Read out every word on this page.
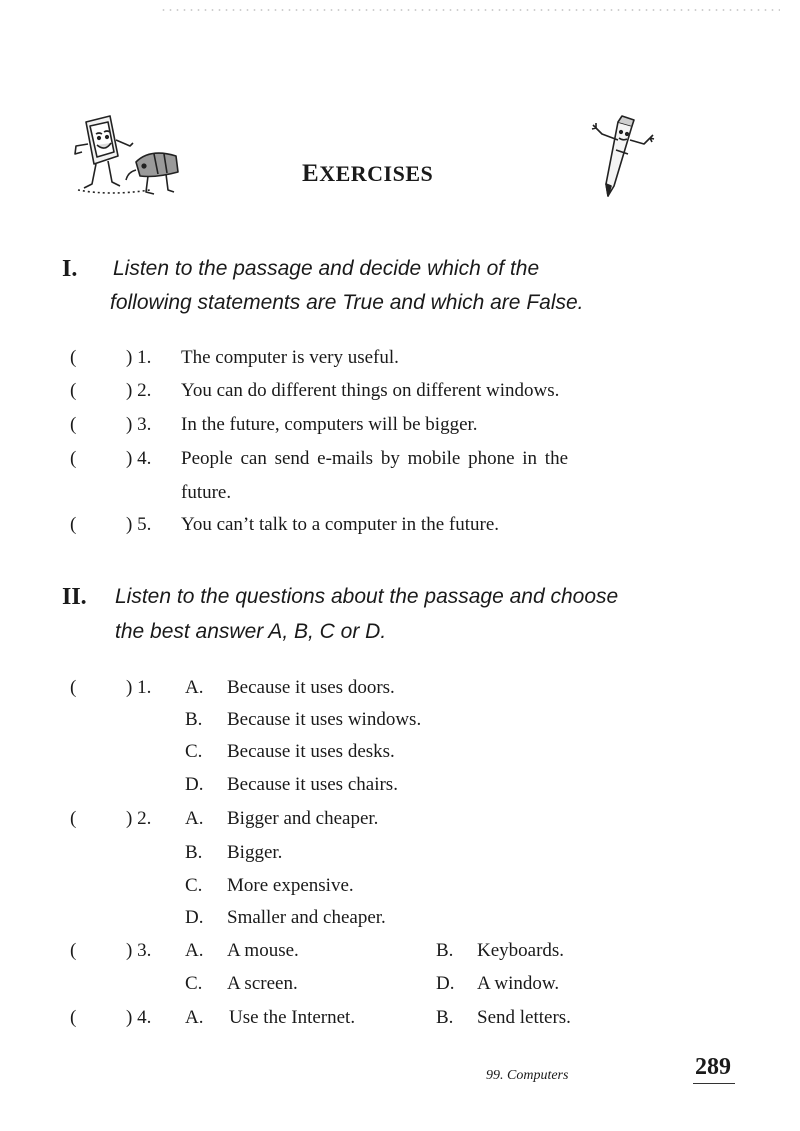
EXERCISES
I. Listen to the passage and decide which of the
following statements are True and which are False.
(	) 1. The computer is very useful.
(	) 2. You can do different things on different windows.
(	) 3. In the future, computers will be bigger.
(	) 4. People can send e-mails by mobile phone in the
future.
(	) 5. You can’t talk to a computer in the future.
II. Listen to the questions about the passage and choose
the best answer A, B, C or D.
(	) 1. A. Because it uses doors.
B. Because it uses windows.
C. Because it uses desks.
D. Because it uses chairs.
(	) 2. A. Bigger and cheaper.
B. Bigger.
C. More expensive.
D. Smaller and cheaper.
(	) 3. A. A mouse.	B. Keyboards.
C. A screen.	D. A window.
(	) 4. A. Use the Internet.	B. Send letters.
99. Computers	289
